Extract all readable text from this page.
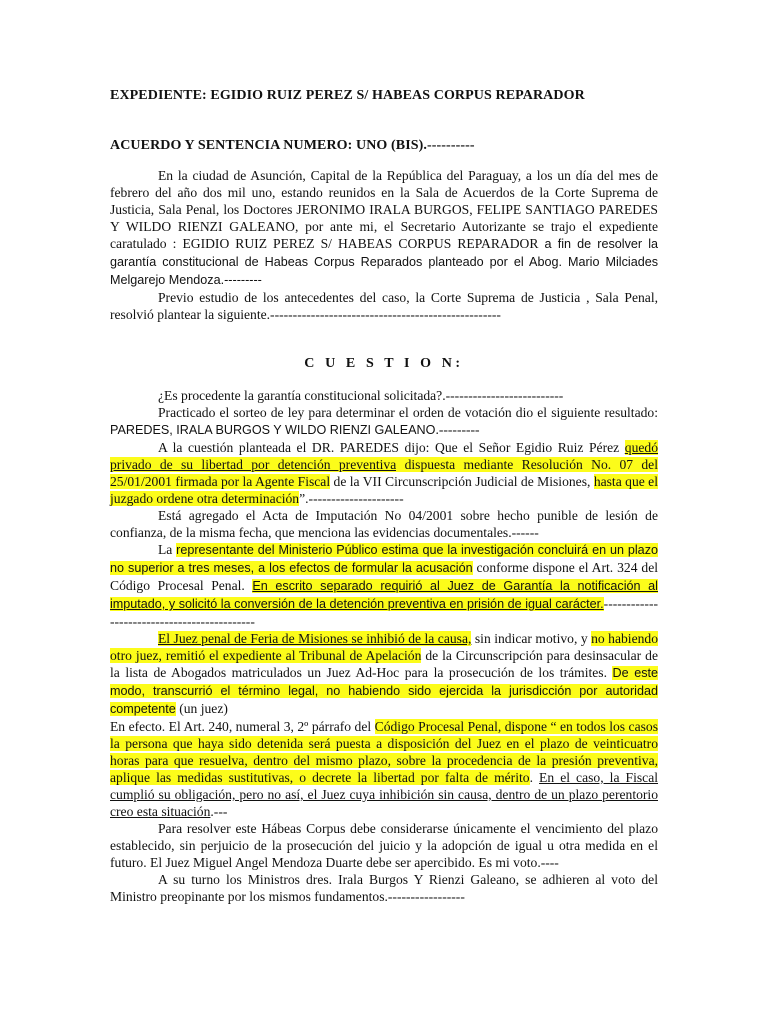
EXPEDIENTE: EGIDIO RUIZ PEREZ S/ HABEAS CORPUS REPARADOR
ACUERDO Y SENTENCIA NUMERO: UNO (BIS).----------

En la ciudad de Asunción, Capital de la República del Paraguay, a los un día del mes de febrero del año dos mil uno, estando reunidos en la Sala de Acuerdos de la Corte Suprema de Justicia, Sala Penal, los Doctores JERONIMO IRALA BURGOS, FELIPE SANTIAGO PAREDES Y WILDO RIENZI GALEANO, por ante mi, el Secretario Autorizante se trajo el expediente caratulado : EGIDIO RUIZ PEREZ S/ HABEAS CORPUS REPARADOR a fin de resolver la garantía constitucional de Habeas Corpus Reparados planteado por el Abog. Mario Milciades Melgarejo Mendoza.---------

Previo estudio de los antecedentes del caso, la Corte Suprema de Justicia , Sala Penal, resolvió plantear la siguiente.---------------------------------------------------

C U E S T I O N:

¿Es procedente la garantía constitucional solicitada?.--------------------------

Practicado el sorteo de ley para determinar el orden de votación dio el siguiente resultado: PAREDES, IRALA BURGOS Y WILDO RIENZI GALEANO.---------

A la cuestión planteada el DR. PAREDES dijo: Que el Señor Egidio Ruiz Pérez quedó privado de su libertad por detención preventiva dispuesta mediante Resolución No. 07 del 25/01/2001 firmada por la Agente Fiscal de la VII Circunscripción Judicial de Misiones, hasta que el juzgado ordene otra determinación”.---------------------

Está agregado el Acta de Imputación No 04/2001 sobre hecho punible de lesión de confianza, de la misma fecha, que menciona las evidencias documentales.------

La representante del Ministerio Público estima que la investigación concluirá en un plazo no superior a tres meses, a los efectos de formular la acusación conforme dispone el Art. 324 del Código Procesal Penal. En escrito separado requirió al Juez de Garantía la notificación al imputado, y solicitó la conversión de la detención preventiva en prisión de igual carácter.--------------------------------------------

El Juez penal de Feria de Misiones se inhibió de la causa, sin indicar motivo, y no habiendo otro juez, remitió el expediente al Tribunal de Apelación de la Circunscripción para desinsacular de la lista de Abogados matriculados un Juez Ad-Hoc para la prosecución de los trámites. De este modo, transcurrió el término legal, no habiendo sido ejercida la jurisdicción por autoridad competente (un juez)

En efecto. El Art. 240, numeral 3, 2º párrafo del Código Procesal Penal, dispone “ en todos los casos la persona que haya sido detenida será puesta a disposición del Juez en el plazo de veinticuatro horas para que resuelva, dentro del mismo plazo, sobre la procedencia de la presión preventiva, aplique las medidas sustitutivas, o decrete la libertad por falta de mérito. En el caso, la Fiscal cumplió su obligación, pero no así, el Juez cuya inhibición sin causa, dentro de un plazo perentorio creo esta situación.---

Para resolver este Hábeas Corpus debe considerarse únicamente el vencimiento del plazo establecido, sin perjuicio de la prosecución del juicio y la adopción de igual u otra medida en el futuro. El Juez Miguel Angel Mendoza Duarte debe ser apercibido. Es mi voto.----

A su turno los Ministros dres. Irala Burgos Y Rienzi Galeano, se adhieren al voto del Ministro preopinante por los mismos fundamentos.-----------------
